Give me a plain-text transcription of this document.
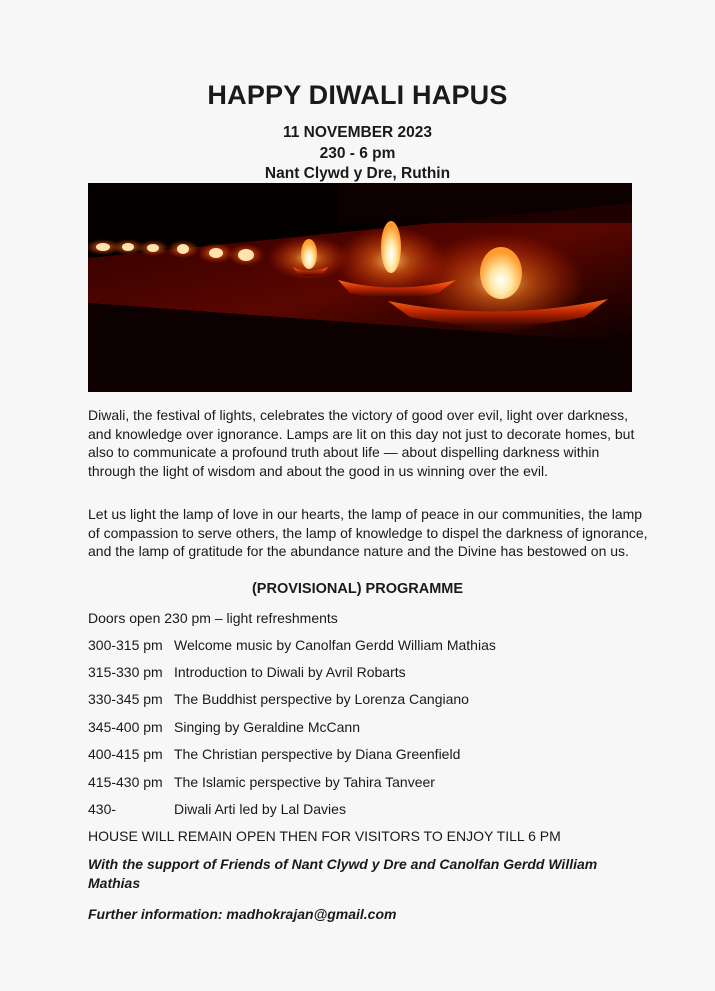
HAPPY DIWALI HAPUS
11 NOVEMBER 2023
230 - 6 pm
Nant Clywd y Dre, Ruthin

Diwali, the festival of lights, celebrates the victory of good over evil, light over darkness, and knowledge over ignorance. Lamps are lit on this day not just to decorate homes, but also to communicate a profound truth about life — about dispelling darkness within through the light of wisdom and about the good in us winning over the evil.

Let us light the lamp of love in our hearts, the lamp of peace in our communities, the lamp of compassion to serve others, the lamp of knowledge to dispel the darkness of ignorance, and the lamp of gratitude for the abundance nature and the Divine has bestowed on us.

(PROVISIONAL) PROGRAMME
Doors open 230 pm – light refreshments
300-315 pm Welcome music by Canolfan Gerdd William Mathias
315-330 pm Introduction to Diwali by Avril Robarts
330-345 pm The Buddhist perspective by Lorenza Cangiano
345-400 pm Singing by Geraldine McCann
400-415 pm The Christian perspective by Diana Greenfield
415-430 pm The Islamic perspective by Tahira Tanveer
430-	Diwali Arti led by Lal Davies
HOUSE WILL REMAIN OPEN THEN FOR VISITORS TO ENJOY TILL 6 PM

With the support of Friends of Nant Clywd y Dre and Canolfan Gerdd William Mathias

Further information: madhokrajan@gmail.com
